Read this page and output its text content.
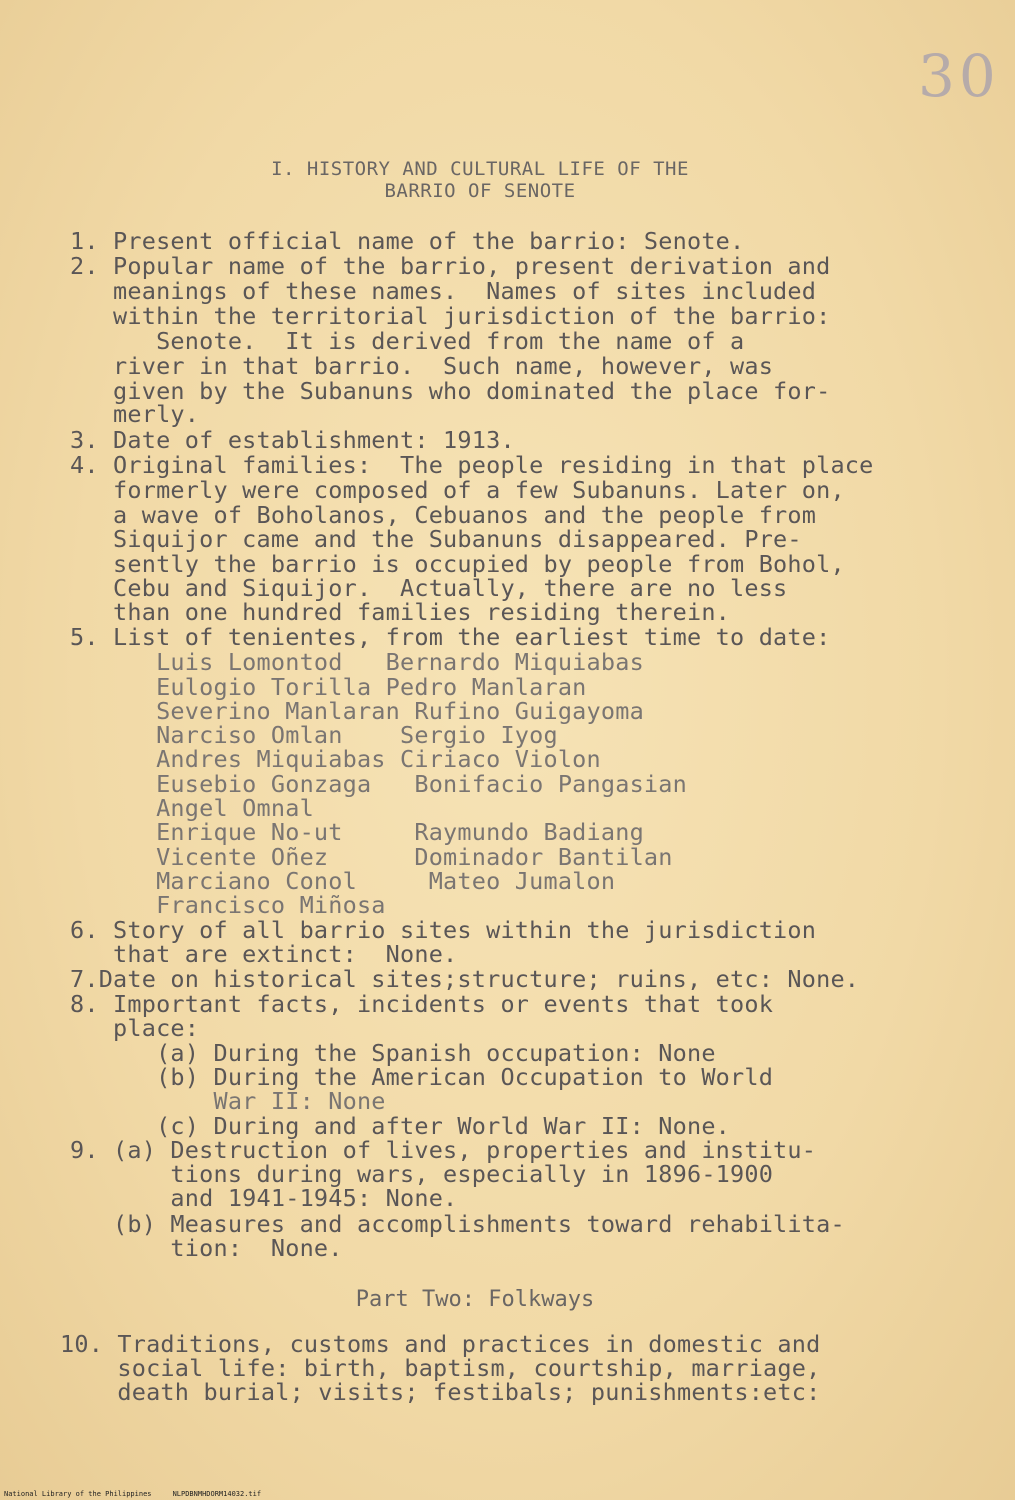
30
I. HISTORY AND CULTURAL LIFE OF THE
BARRIO OF SENOTE
1. Present official name of the barrio: Senote.
2. Popular name of the barrio, present derivation and
meanings of these names.  Names of sites included
within the territorial jurisdiction of the barrio:
Senote.  It is derived from the name of a
river in that barrio.  Such name, however, was
given by the Subanuns who dominated the place for-
merly.
3. Date of establishment: 1913.
4. Original families:  The people residing in that place
formerly were composed of a few Subanuns. Later on,
a wave of Boholanos, Cebuanos and the people from
Siquijor came and the Subanuns disappeared. Pre-
sently the barrio is occupied by people from Bohol,
Cebu and Siquijor.  Actually, there are no less
than one hundred families residing therein.
5. List of tenientes, from the earliest time to date:
Luis Lomontod   Bernardo Miquiabas
Eulogio Torilla Pedro Manlaran
Severino Manlaran Rufino Guigayoma
Narciso Omlan    Sergio Iyog
Andres Miquiabas Ciriaco Violon
Eusebio Gonzaga   Bonifacio Pangasian
Angel Omnal
Enrique No-ut     Raymundo Badiang
Vicente Oñez      Dominador Bantilan
Marciano Conol     Mateo Jumalon
Francisco Miñosa
6. Story of all barrio sites within the jurisdiction
that are extinct:  None.
7.Date on historical sites;structure; ruins, etc: None.
8. Important facts, incidents or events that took
place:
(a) During the Spanish occupation: None
(b) During the American Occupation to World
War II: None
(c) During and after World War II: None.
9. (a) Destruction of lives, properties and institu-
tions during wars, especially in 1896-1900
and 1941-1945: None.
(b) Measures and accomplishments toward rehabilita-
tion:  None.
Part Two: Folkways
10. Traditions, customs and practices in domestic and
social life: birth, baptism, courtship, marriage,
death burial; visits; festibals; punishments:etc:
National Library of the Philippines     NLPDBNMHDORM14032.tif
